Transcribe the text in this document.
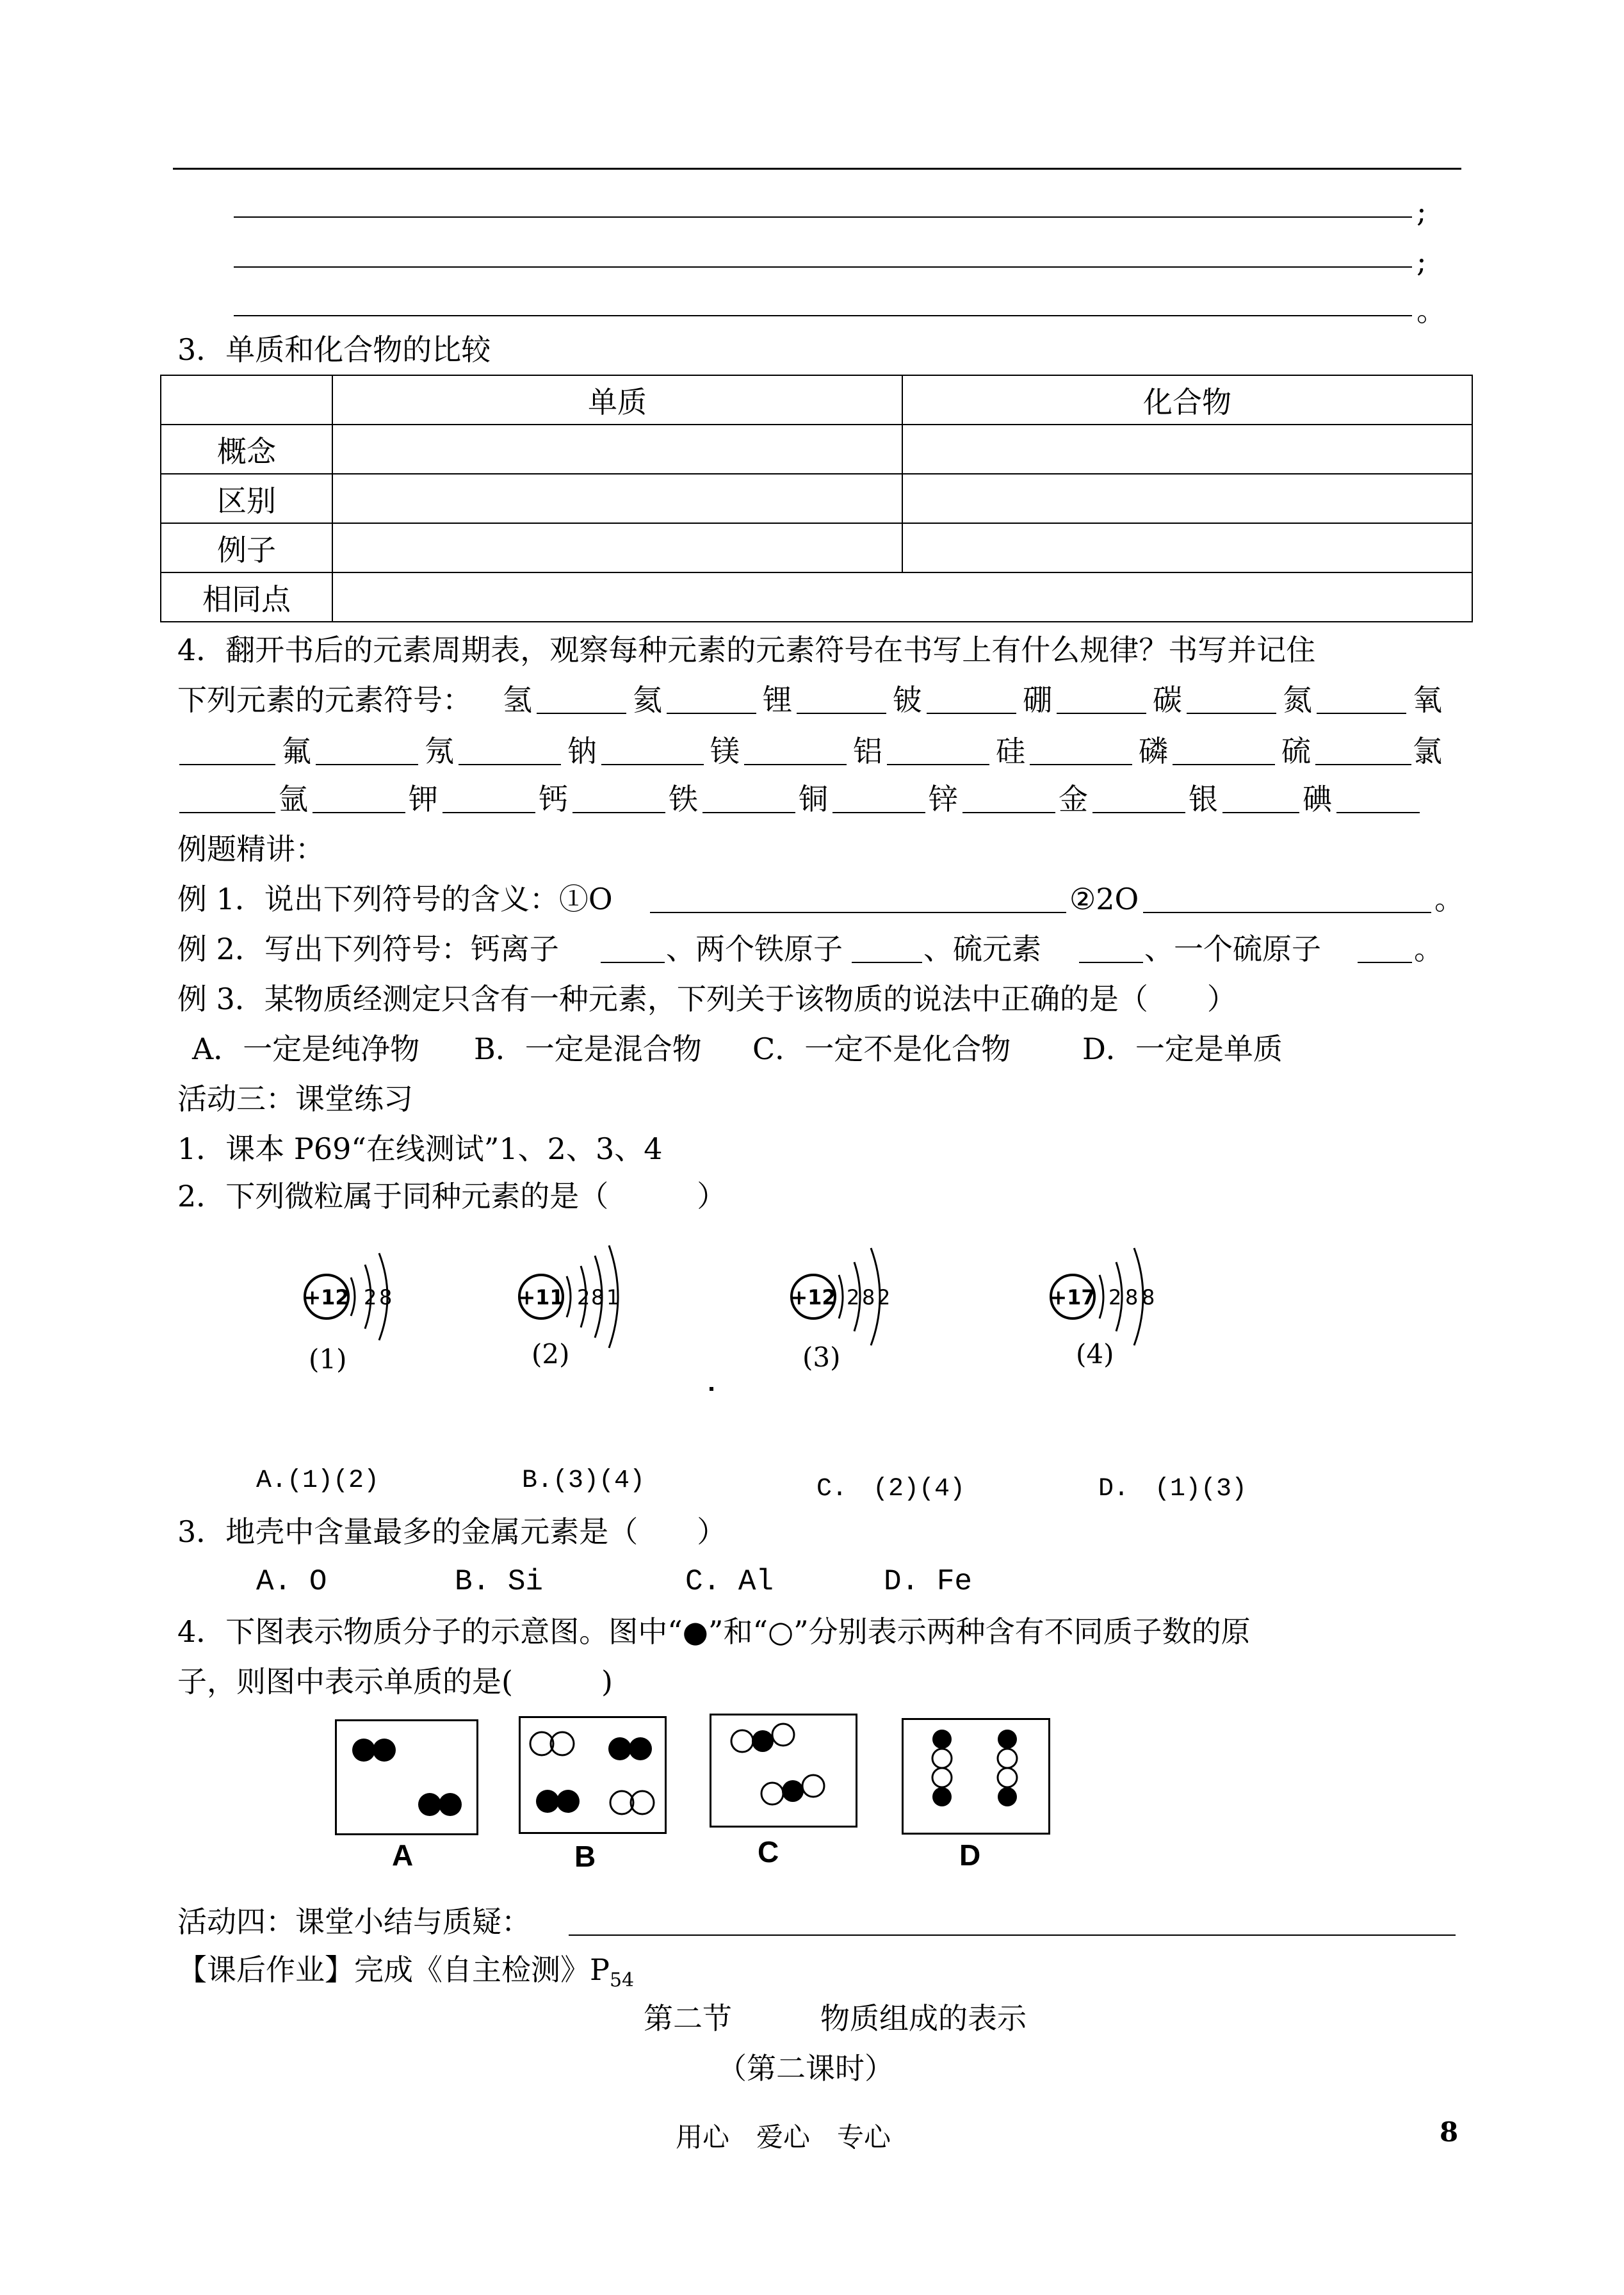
;
;
。
3．单质和化合物的比较
	单质	化合物
概念		
区别		
例子		
相同点		
4．翻开书后的元素周期表，观察每种元素的元素符号在书写上有什么规律？书写并记住
下列元素的元素符号： 氢	氦	锂	铍	硼	碳	氮	氧
氟	氖	钠	镁	铝	硅	磷	硫	氯
氩	钾	钙	铁	铜	锌	金	银	碘
例题精讲：
例 1．说出下列符号的含义：①O	②2O	。
例 2．写出下列符号：钙离子	、两个铁原子	、硫元素	、一个硫原子	。
例 3．某物质经测定只含有一种元素，下列关于该物质的说法中正确的是（　　）
A．一定是纯净物 B．一定是混合物 C．一定不是化合物 D．一定是单质
活动三：课堂练习
1．课本 P69“在线测试”1、2、3、4
2．下列微粒属于同种元素的是（　　　）
+12 2 8
(1)
+11 2 8 1
(2)
+12 2 8 2
(3)
+17 2 8 8
(4)
A.(1)(2)	B.(3)(4)	C.　(2)(4)	D.　(1)(3)
3．地壳中含量最多的金属元素是（　　）
A. O	B. Si	C. Al	D. Fe
4．下图表示物质分子的示意图。图中“●”和“○”分别表示两种含有不同质子数的原
子，则图中表示单质的是(　　　)
A	B	C	D
活动四：课堂小结与质疑：
【课后作业】完成《自主检测》$P_{54}$
第二节　　　物质组成的表示
（第二课时）
用心　爱心　专心	8
